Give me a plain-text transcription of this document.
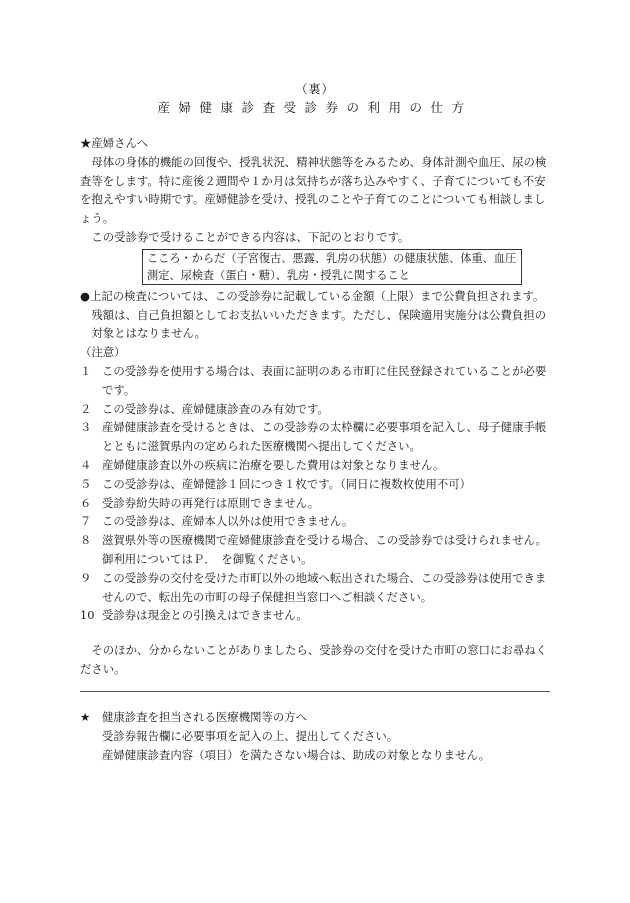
（裏）
産婦健康診査受診券の利用の仕方

★産婦さんへ

母体の身体的機能の回復や、授乳状況、精神状態等をみるため、身体計測や血圧、尿の検査等をします。特に産後２週間や１か月は気持ちが落ち込みやすく、子育てについても不安を抱えやすい時期です。産婦健診を受け、授乳のことや子育てのことについても相談しましょう。

この受診券で受けることができる内容は、下記のとおりです。

こころ・からだ（子宮復古、悪露、乳房の状態）の健康状態、体重、血圧測定、尿検査（蛋白・糖）、乳房・授乳に関すること

●上記の検査については、この受診券に記載している金額（上限）まで公費負担されます。残額は、自己負担額としてお支払いいただきます。ただし、保険適用実施分は公費負担の対象とはなりません。

（注意）

１ この受診券を使用する場合は、表面に証明のある市町に住民登録されていることが必要です。
２ この受診券は、産婦健康診査のみ有効です。
３ 産婦健康診査を受けるときは、この受診券の太枠欄に必要事項を記入し、母子健康手帳とともに滋賀県内の定められた医療機関へ提出してください。
４ 産婦健康診査以外の疾病に治療を要した費用は対象となりません。
５ この受診券は、産婦健診１回につき１枚です。（同日に複数枚使用不可）
６ 受診券紛失時の再発行は原則できません。
７ この受診券は、産婦本人以外は使用できません。
８ 滋賀県外等の医療機関で産婦健康診査を受ける場合、この受診券では受けられません。御利用についてはＰ．　を御覧ください。
９ この受診券の交付を受けた市町以外の地域へ転出された場合、この受診券は使用できませんので、転出先の市町の母子保健担当窓口へご相談ください。
10 受診券は現金との引換えはできません。

そのほか、分からないことがありましたら、受診券の交付を受けた市町の窓口にお尋ねください。

★	健康診査を担当される医療機関等の方へ
受診券報告欄に必要事項を記入の上、提出してください。
産婦健康診査内容（項目）を満たさない場合は、助成の対象となりません。
